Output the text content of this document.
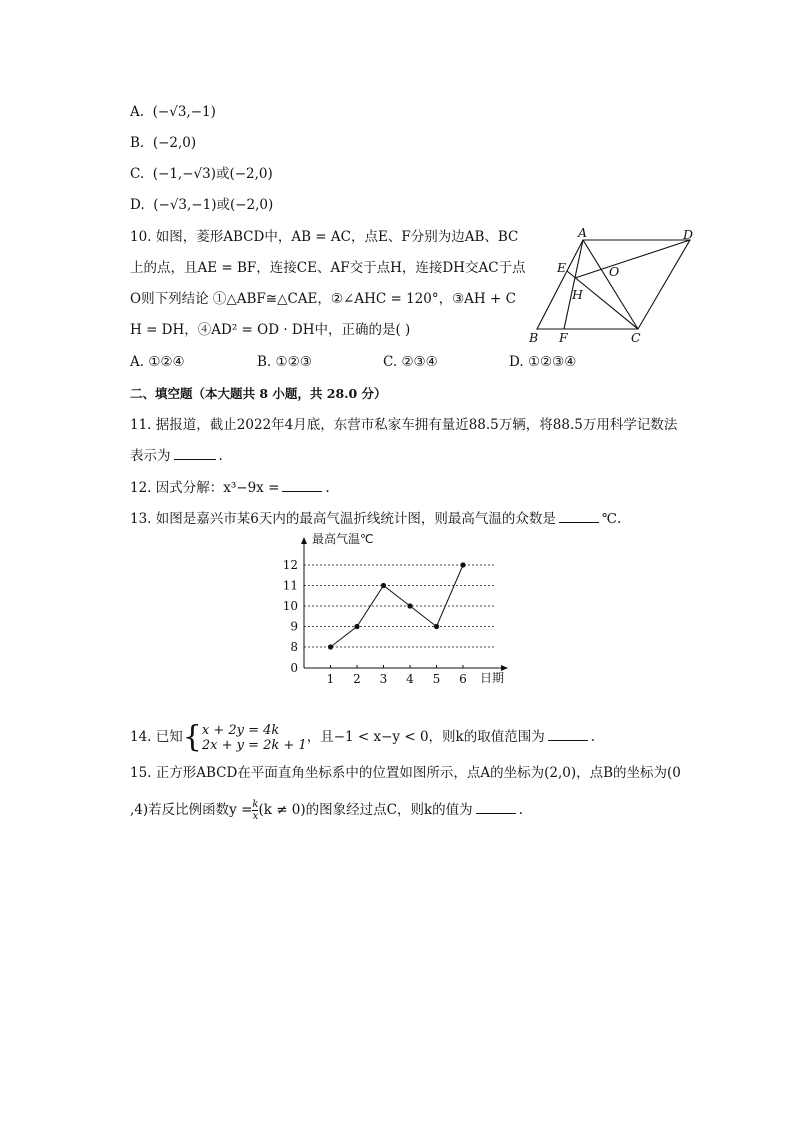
A. (−√3,−1)
B. (−2,0)
C. (−1,−√3)或(−2,0)
D. (−√3,−1)或(−2,0)
10. 如图，菱形ABCD中，AB = AC，点E、F分别为边AB、BC
上的点，且AE = BF，连接CE、AF交于点H，连接DH交AC于点
O则下列结论 ①△ABF≅△CAE，②∠AHC = 120°，③AH + C
H = DH，④AD² = OD · DH中，正确的是( )
A	D
E	O
H
B F	C
A. ①②④	B. ①②③	C. ②③④	D. ①②③④
二、填空题（本大题共 8 小题，共 28.0 分）
11. 据报道，截止2022年4月底，东营市私家车拥有量近88.5万辆，将88.5万用科学记数法
表示为	.
12. 因式分解：x³−9x =	.
13. 如图是嘉兴市某6天内的最高气温折线统计图，则最高气温的众数是	℃.
最高气温℃
日期
0
8
9
10
11
12
1 2 3 4 5 6
14. 已知{x + 2y = 4k
2x + y = 2k + 1，且−1 < x−y < 0，则k的取值范围为	.
15. 正方形ABCD在平面直角坐标系中的位置如图所示，点A的坐标为(2,0)，点B的坐标为(0
,4)若反比例函数$y = \frac{k}{x} (k \ne 0)$的图象经过点C，则k的值为	.
